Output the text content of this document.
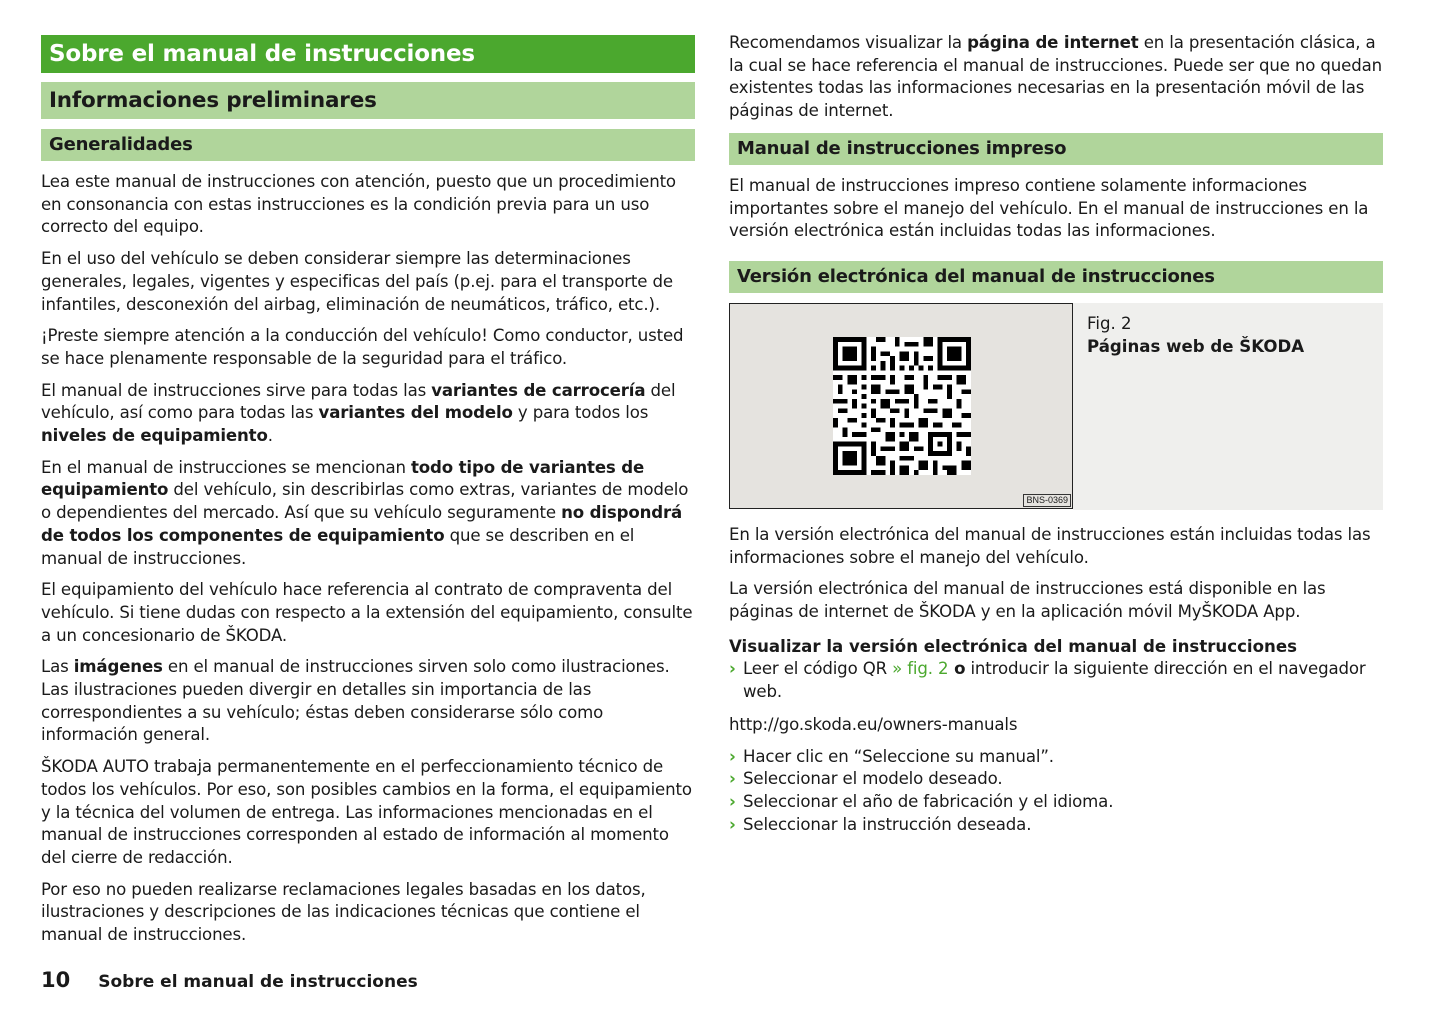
Sobre el manual de instrucciones
Informaciones preliminares
Generalidades

Lea este manual de instrucciones con atención, puesto que un procedimiento en consonancia con estas instrucciones es la condición previa para un uso correcto del equipo.

En el uso del vehículo se deben considerar siempre las determinaciones generales, legales, vigentes y especificas del país (p.ej. para el transporte de infantiles, desconexión del airbag, eliminación de neumáticos, tráfico, etc.).

¡Preste siempre atención a la conducción del vehículo! Como conductor, usted se hace plenamente responsable de la seguridad para el tráfico.

El manual de instrucciones sirve para todas las variantes de carrocería del vehículo, así como para todas las variantes del modelo y para todos los niveles de equipamiento.

En el manual de instrucciones se mencionan todo tipo de variantes de equipamiento del vehículo, sin describirlas como extras, variantes de modelo o dependientes del mercado. Así que su vehículo seguramente no dispondrá de todos los componentes de equipamiento que se describen en el manual de instrucciones.

El equipamiento del vehículo hace referencia al contrato de compraventa del vehículo. Si tiene dudas con respecto a la extensión del equipamiento, consulte a un concesionario de ŠKODA.

Las imágenes en el manual de instrucciones sirven solo como ilustraciones. Las ilustraciones pueden divergir en detalles sin importancia de las correspondientes a su vehículo; éstas deben considerarse sólo como información general.

ŠKODA AUTO trabaja permanentemente en el perfeccionamiento técnico de todos los vehículos. Por eso, son posibles cambios en la forma, el equipamiento y la técnica del volumen de entrega. Las informaciones mencionadas en el manual de instrucciones corresponden al estado de información al momento del cierre de redacción.

Por eso no pueden realizarse reclamaciones legales basadas en los datos, ilustraciones y descripciones de las indicaciones técnicas que contiene el manual de instrucciones.

Recomendamos visualizar la página de internet en la presentación clásica, a la cual se hace referencia el manual de instrucciones. Puede ser que no quedan existentes todas las informaciones necesarias en la presentación móvil de las páginas de internet.

Manual de instrucciones impreso

El manual de instrucciones impreso contiene solamente informaciones importantes sobre el manejo del vehículo. En el manual de instrucciones en la versión electrónica están incluidas todas las informaciones.

Versión electrónica del manual de instrucciones
BNS-0369
Fig. 2
Páginas web de ŠKODA

En la versión electrónica del manual de instrucciones están incluidas todas las informaciones sobre el manejo del vehículo.

La versión electrónica del manual de instrucciones está disponible en las páginas de internet de ŠKODA y en la aplicación móvil MyŠKODA App.

Visualizar la versión electrónica del manual de instrucciones
› Leer el código QR » fig. 2 o introducir la siguiente dirección en el navegador web.

http://go.skoda.eu/owners-manuals

› Hacer clic en “Seleccione su manual”.
› Seleccionar el modelo deseado.
› Seleccionar el año de fabricación y el idioma.
› Seleccionar la instrucción deseada.
10 Sobre el manual de instrucciones
